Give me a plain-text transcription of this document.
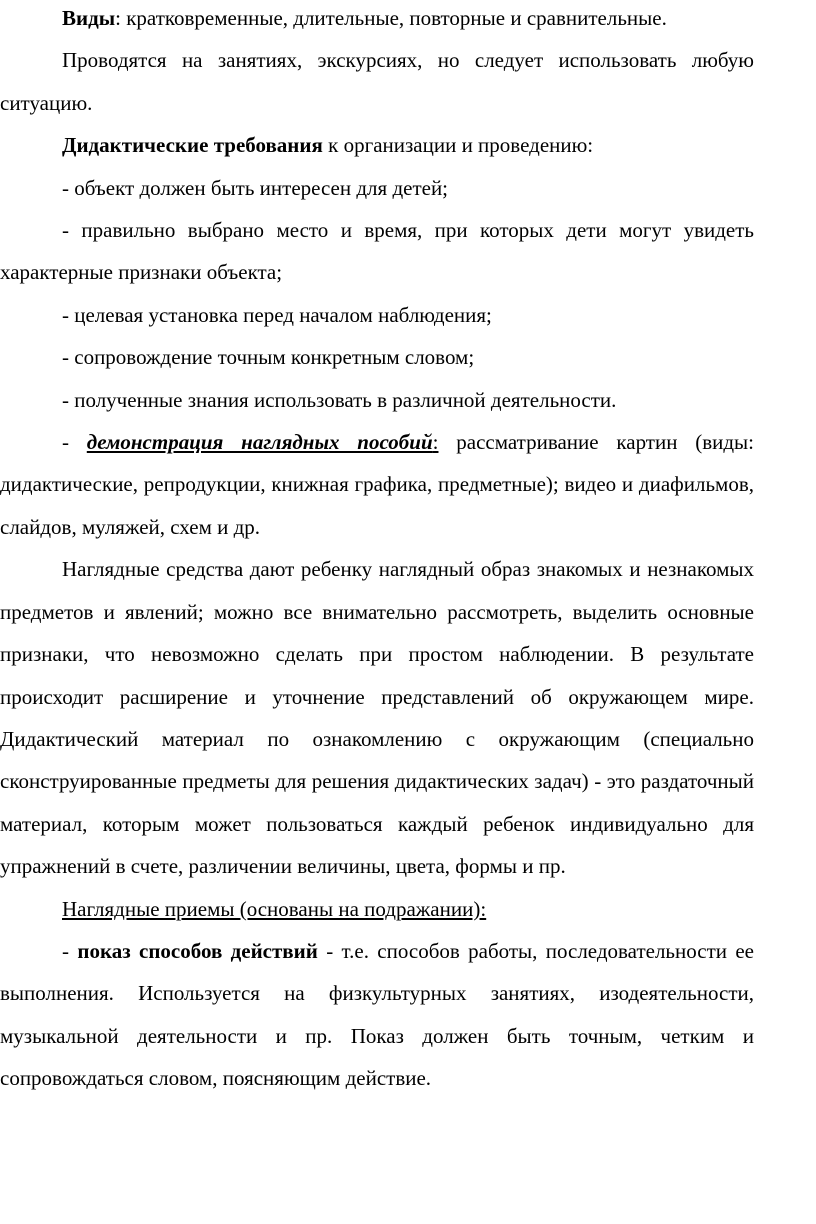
Виды: кратковременные, длительные, повторные и сравнительные.

Проводятся на занятиях, экскурсиях, но следует использовать любую ситуацию.

Дидактические требования к организации и проведению:

- объект должен быть интересен для детей;

- правильно выбрано место и время, при которых дети могут увидеть характерные признаки объекта;

- целевая установка перед началом наблюдения;

- сопровождение точным конкретным словом;

- полученные знания использовать в различной деятельности.

- демонстрация наглядных пособий: рассматривание картин (виды: дидактические, репродукции, книжная графика, предметные); видео и диафильмов, слайдов, муляжей, схем и др.

Наглядные средства дают ребенку наглядный образ знакомых и незнакомых предметов и явлений; можно все внимательно рассмотреть, выделить основные признаки, что невозможно сделать при простом наблюдении. В результате происходит расширение и уточнение представлений об окружающем мире. Дидактический материал по ознакомлению с окружающим (специально сконструированные предметы для решения дидактических задач) - это раздаточный материал, которым может пользоваться каждый ребенок индивидуально для упражнений в счете, различении величины, цвета, формы и пр.

Наглядные приемы (основаны на подражании):

- показ способов действий - т.е. способов работы, последовательности ее выполнения. Используется на физкультурных занятиях, изодеятельности, музыкальной деятельности и пр. Показ должен быть точным, четким и сопровождаться словом, поясняющим действие.
